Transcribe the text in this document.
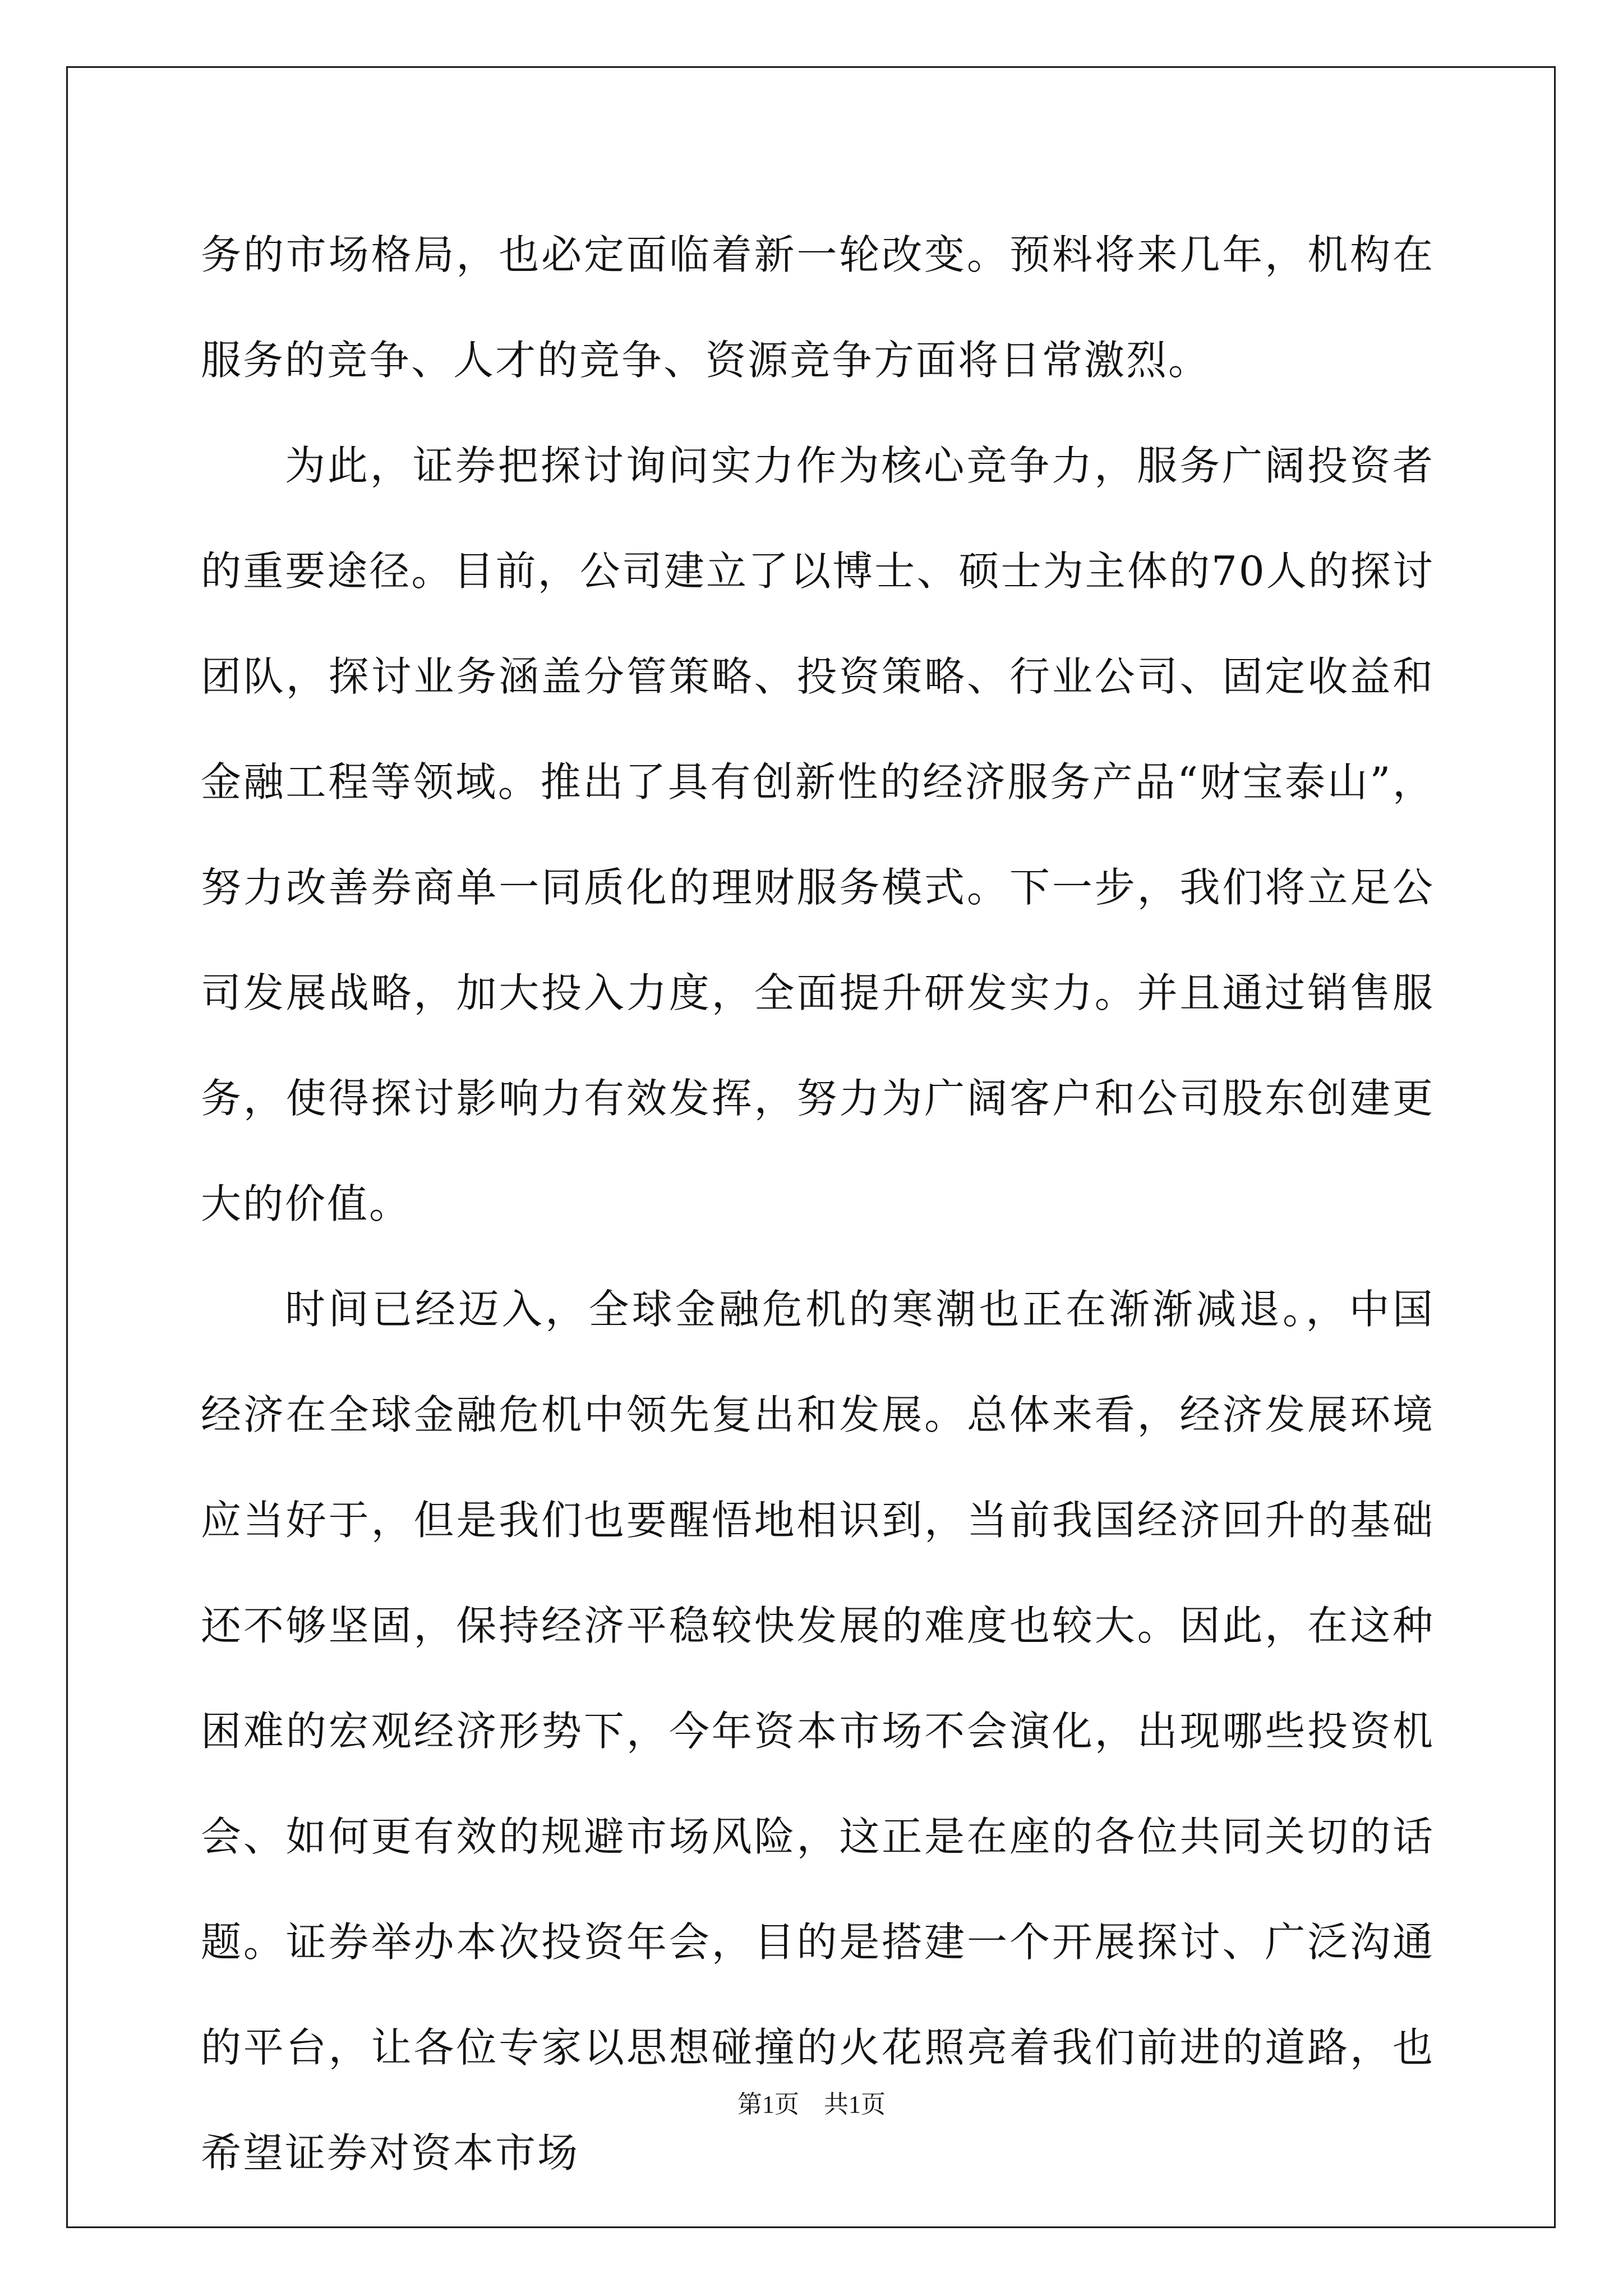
务的市场格局，也必定面临着新一轮改变。预料将来几年，机构在服务的竞争、人才的竞争、资源竞争方面将日常激烈。

为此，证券把探讨询问实力作为核心竞争力，服务广阔投资者的重要途径。目前，公司建立了以博士、硕士为主体的70人的探讨团队，探讨业务涵盖分管策略、投资策略、行业公司、固定收益和金融工程等领域。推出了具有创新性的经济服务产品“财宝泰山”，努力改善券商单一同质化的理财服务模式。下一步，我们将立足公司发展战略，加大投入力度，全面提升研发实力。并且通过销售服务，使得探讨影响力有效发挥，努力为广阔客户和公司股东创建更大的价值。

时间已经迈入，全球金融危机的寒潮也正在渐渐减退。，中国经济在全球金融危机中领先复出和发展。总体来看，经济发展环境应当好于，但是我们也要醒悟地相识到，当前我国经济回升的基础还不够坚固，保持经济平稳较快发展的难度也较大。因此，在这种困难的宏观经济形势下，今年资本市场不会演化，出现哪些投资机会、如何更有效的规避市场风险，这正是在座的各位共同关切的话题。证券举办本次投资年会，目的是搭建一个开展探讨、广泛沟通的平台，让各位专家以思想碰撞的火花照亮着我们前进的道路，也希望证券对资本市场

第1页    共1页
